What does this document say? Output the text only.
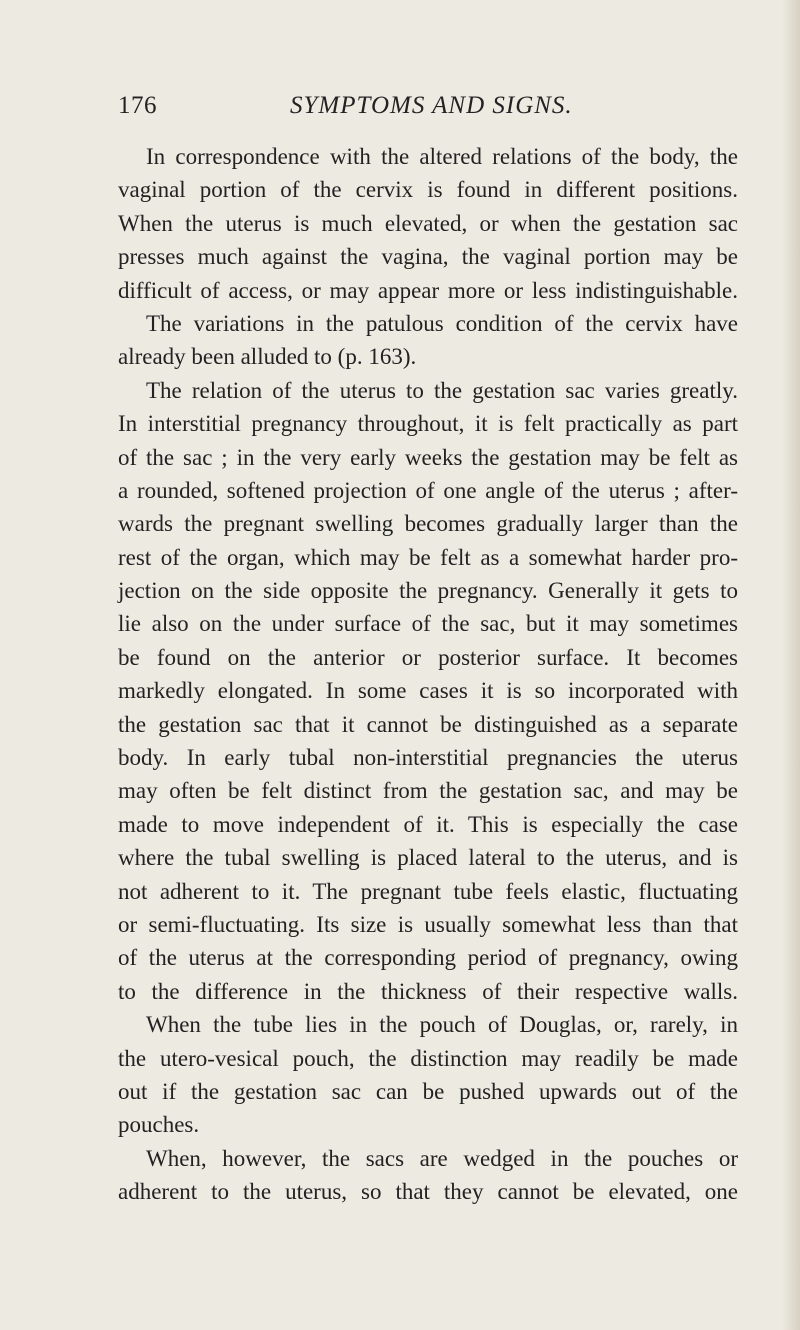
176	SYMPTOMS AND SIGNS.
In correspondence with the altered relations of the body, the
vaginal portion of the cervix is found in different positions.
When the uterus is much elevated, or when the gestation sac
presses much against the vagina, the vaginal portion may be
difficult of access, or may appear more or less indistinguishable.
The variations in the patulous condition of the cervix have
already been alluded to (p. 163).
The relation of the uterus to the gestation sac varies greatly.
In interstitial pregnancy throughout, it is felt practically as part
of the sac ; in the very early weeks the gestation may be felt as
a rounded, softened projection of one angle of the uterus ; after-
wards the pregnant swelling becomes gradually larger than the
rest of the organ, which may be felt as a somewhat harder pro-
jection on the side opposite the pregnancy. Generally it gets to
lie also on the under surface of the sac, but it may sometimes
be found on the anterior or posterior surface. It becomes
markedly elongated. In some cases it is so incorporated with
the gestation sac that it cannot be distinguished as a separate
body. In early tubal non-interstitial pregnancies the uterus
may often be felt distinct from the gestation sac, and may be
made to move independent of it. This is especially the case
where the tubal swelling is placed lateral to the uterus, and is
not adherent to it. The pregnant tube feels elastic, fluctuating
or semi-fluctuating. Its size is usually somewhat less than that
of the uterus at the corresponding period of pregnancy, owing
to the difference in the thickness of their respective walls.
When the tube lies in the pouch of Douglas, or, rarely, in
the utero-vesical pouch, the distinction may readily be made
out if the gestation sac can be pushed upwards out of the
pouches.
When, however, the sacs are wedged in the pouches or
adherent to the uterus, so that they cannot be elevated, one
